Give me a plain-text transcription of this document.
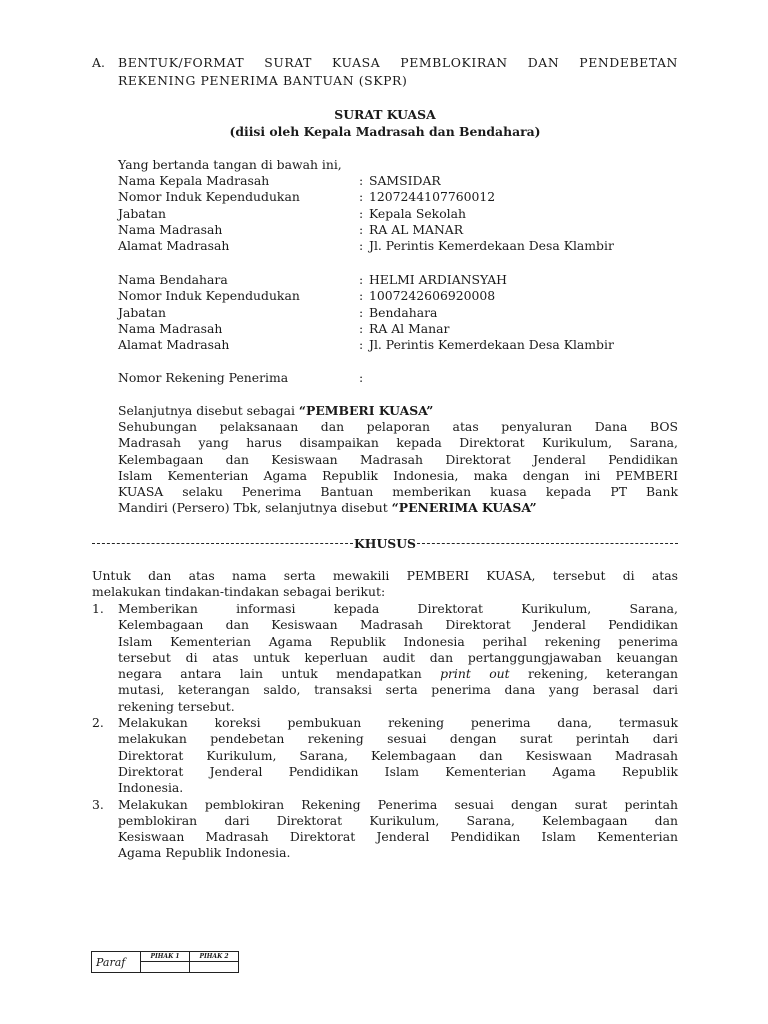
A. BENTUK/FORMAT SURAT KUASA PEMBLOKIRAN DAN PENDEBETAN
REKENING PENERIMA BANTUAN (SKPR)
SURAT KUASA
(diisi oleh Kepala Madrasah dan Bendahara)
Yang bertanda tangan di bawah ini,
Nama Kepala Madrasah	: SAMSIDAR
Nomor Induk Kependudukan	: 1207244107760012
Jabatan	: Kepala Sekolah
Nama Madrasah	: RA AL MANAR
Alamat Madrasah	: Jl. Perintis Kemerdekaan Desa Klambir
Nama Bendahara	: HELMI ARDIANSYAH
Nomor Induk Kependudukan	: 1007242606920008
Jabatan	: Bendahara
Nama Madrasah	: RA Al Manar
Alamat Madrasah	: Jl. Perintis Kemerdekaan Desa Klambir
Nomor Rekening Penerima	:
Selanjutnya disebut sebagai “PEMBERI KUASA”
Sehubungan pelaksanaan dan pelaporan atas penyaluran Dana BOS
Madrasah yang harus disampaikan kepada Direktorat Kurikulum, Sarana,
Kelembagaan dan Kesiswaan Madrasah Direktorat Jenderal Pendidikan
Islam Kementerian Agama Republik Indonesia, maka dengan ini PEMBERI
KUASA selaku Penerima Bantuan memberikan kuasa kepada PT Bank
Mandiri (Persero) Tbk, selanjutnya disebut “PENERIMA KUASA”
KHUSUS
Untuk dan atas nama serta mewakili PEMBERI KUASA, tersebut di atas
melakukan tindakan-tindakan sebagai berikut:
1.	Memberikan informasi kepada Direktorat Kurikulum, Sarana,
Kelembagaan dan Kesiswaan Madrasah Direktorat Jenderal Pendidikan
Islam Kementerian Agama Republik Indonesia perihal rekening penerima
tersebut di atas untuk keperluan audit dan pertanggungjawaban keuangan
negara antara lain untuk mendapatkan print out rekening, keterangan
mutasi, keterangan saldo, transaksi serta penerima dana yang berasal dari
rekening tersebut.
2.	Melakukan koreksi pembukuan rekening penerima dana, termasuk
melakukan pendebetan rekening sesuai dengan surat perintah dari
Direktorat Kurikulum, Sarana, Kelembagaan dan Kesiswaan Madrasah
Direktorat Jenderal Pendidikan Islam Kementerian Agama Republik
Indonesia.
3.	Melakukan pemblokiran Rekening Penerima sesuai dengan surat perintah
pemblokiran dari Direktorat Kurikulum, Sarana, Kelembagaan dan
Kesiswaan Madrasah Direktorat Jenderal Pendidikan Islam Kementerian
Agama Republik Indonesia.
Paraf	PIHAK 1	PIHAK 2
